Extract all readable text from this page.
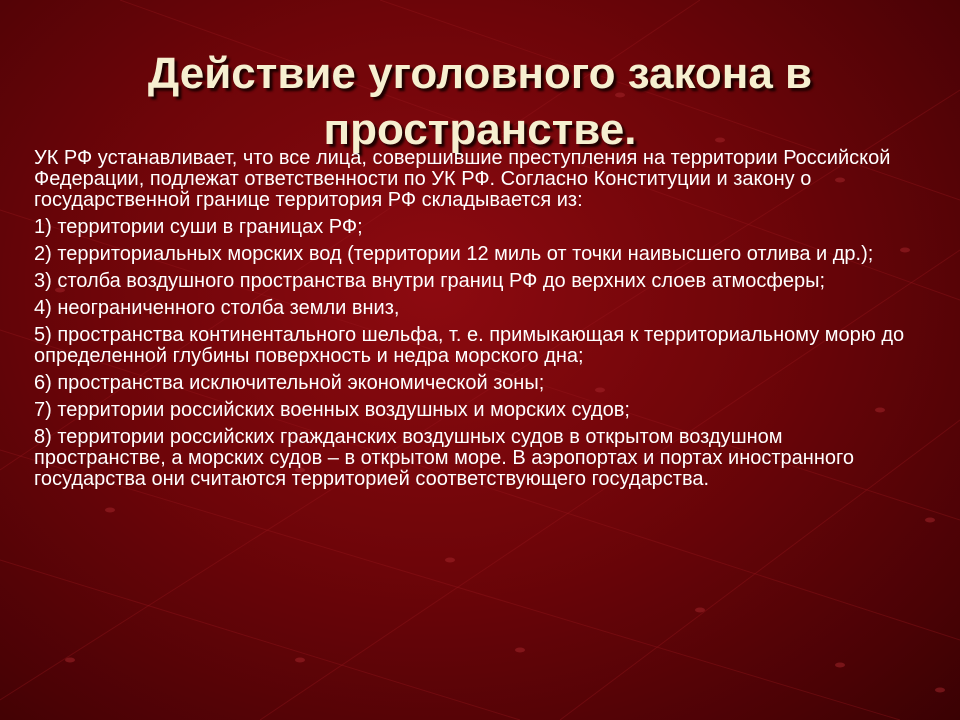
Действие уголовного закона в пространстве.

УК РФ устанавливает, что все лица, совершившие преступления на территории Российской Федерации, подлежат ответственности по УК РФ. Согласно Конституции и закону о государственной границе территория РФ складывается из:

1) территории суши в границах РФ;

2) территориальных морских вод (территории 12 миль от точки наивысшего отлива и др.);

3) столба воздушного пространства внутри границ РФ до верхних слоев атмосферы;

4) неограниченного столба земли вниз,

5) пространства континентального шельфа, т. е. примыкающая к территориальному морю до определенной глубины поверхность и недра морского дна;

6) пространства исключительной экономической зоны;

7) территории российских военных воздушных и морских судов;

8) территории российских гражданских воздушных судов в открытом воздушном пространстве, а морских судов – в открытом море. В аэропортах и портах иностранного государства они считаются территорией соответствующего государства.
